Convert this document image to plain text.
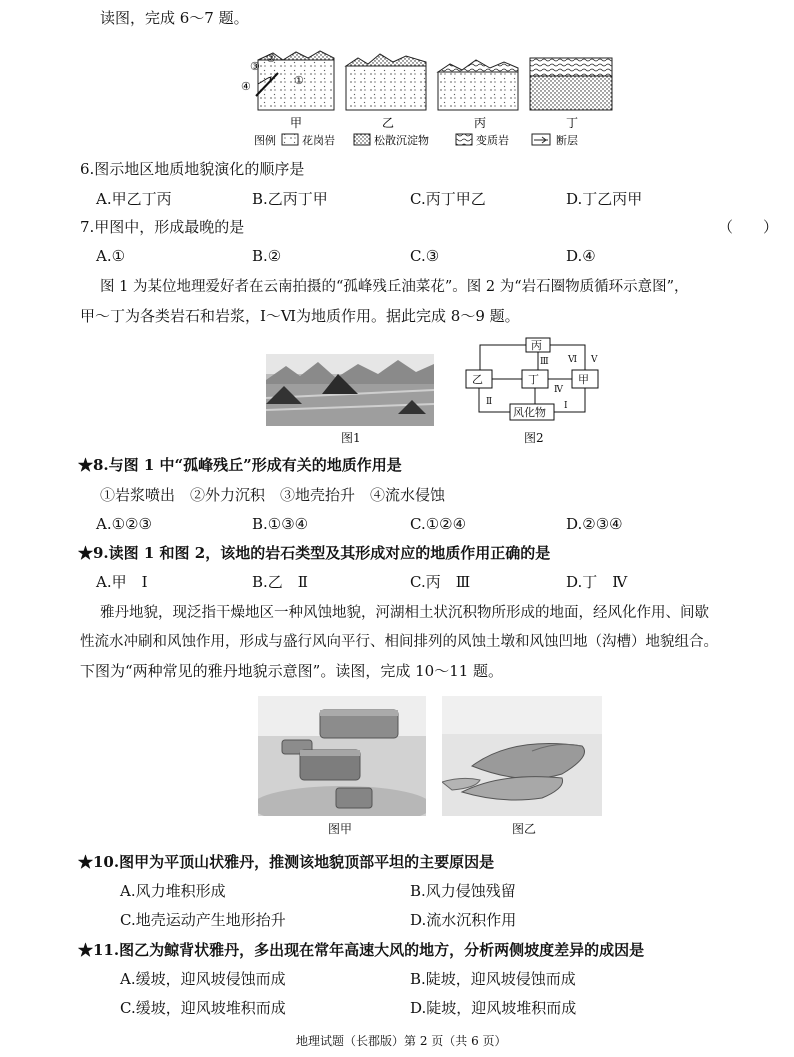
读图，完成 6～7 题。
③
②
①
④
甲	乙	丙	丁
图例 花岗岩	松散沉淀物	变质岩	断层
6.图示地区地质地貌演化的顺序是
A.甲乙丁丙	B.乙丙丁甲	C.丙丁甲乙	D.丁乙丙甲
7.甲图中，形成最晚的是	（　　）
A.①	B.②	C.③	D.④
图 1 为某位地理爱好者在云南拍摄的“孤峰残丘油菜花”。图 2 为“岩石圈物质循环示意图”，
甲～丁为各类岩石和岩浆，Ⅰ～Ⅵ为地质作用。据此完成 8～9 题。
图1
丙
乙	丁	甲
风化物
Ⅲ Ⅵ Ⅴ
Ⅳ
Ⅱ	Ⅰ
图2
★8.与图 1 中“孤峰残丘”形成有关的地质作用是
①岩浆喷出　②外力沉积　③地壳抬升　④流水侵蚀
A.①②③	B.①③④	C.①②④	D.②③④
★9.读图 1 和图 2，该地的岩石类型及其形成对应的地质作用正确的是
A.甲　Ⅰ	B.乙　Ⅱ	C.丙　Ⅲ	D.丁　Ⅳ
雅丹地貌，现泛指干燥地区一种风蚀地貌，河湖相土状沉积物所形成的地面，经风化作用、间歇
性流水冲刷和风蚀作用，形成与盛行风向平行、相间排列的风蚀土墩和风蚀凹地（沟槽）地貌组合。
下图为“两种常见的雅丹地貌示意图”。读图，完成 10～11 题。
图甲	图乙
★10.图甲为平顶山状雅丹，推测该地貌顶部平坦的主要原因是
A.风力堆积形成	B.风力侵蚀残留
C.地壳运动产生地形抬升	D.流水沉积作用
★11.图乙为鲸背状雅丹，多出现在常年高速大风的地方，分析两侧坡度差异的成因是
A.缓坡，迎风坡侵蚀而成	B.陡坡，迎风坡侵蚀而成
C.缓坡，迎风坡堆积而成	D.陡坡，迎风坡堆积而成
地理试题（长郡版）第 2 页（共 6 页）
